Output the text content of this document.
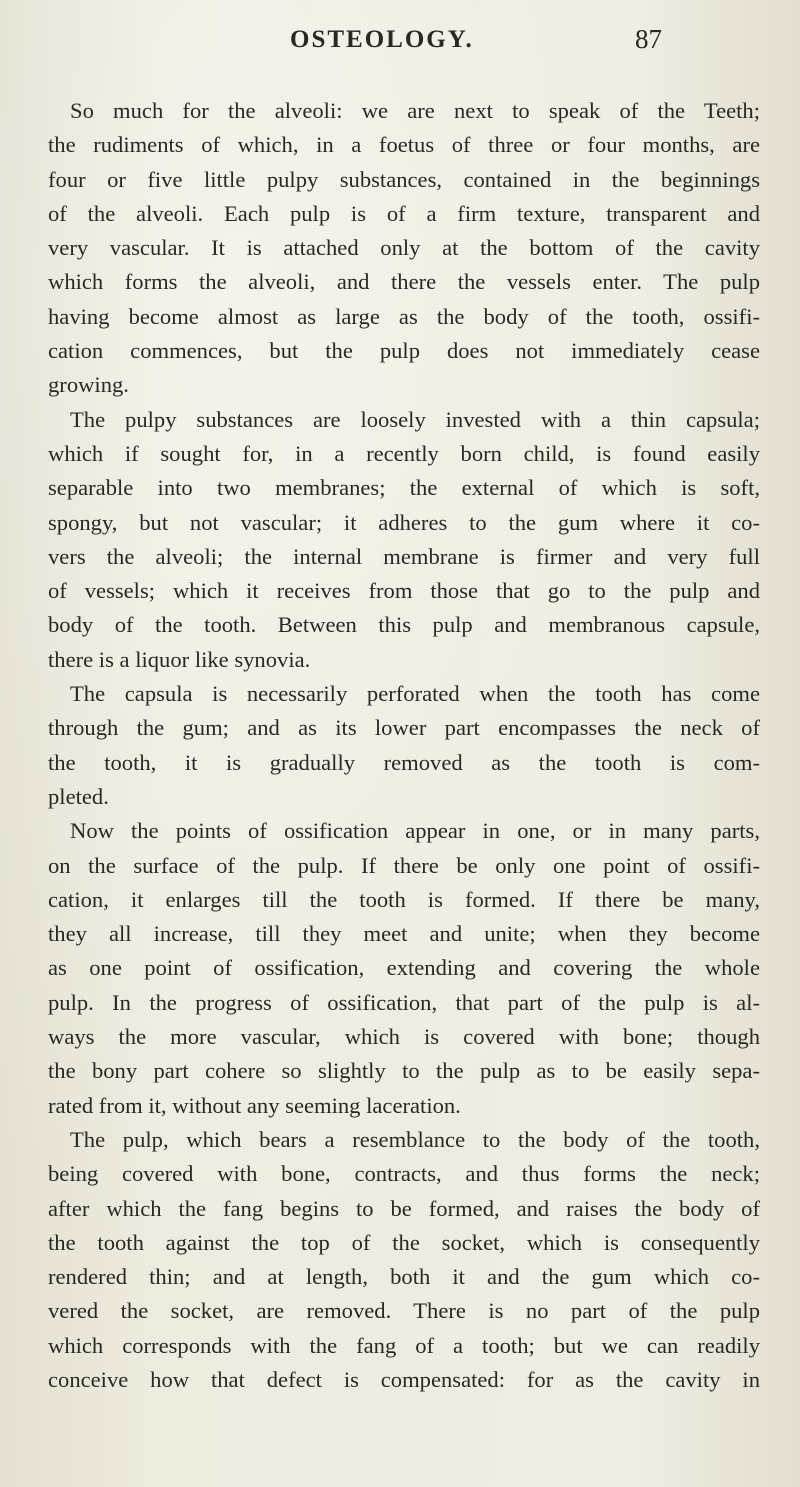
OSTEOLOGY.	87
So much for the alveoli: we are next to speak of the Teeth;
the rudiments of which, in a foetus of three or four months, are
four or five little pulpy substances, contained in the beginnings
of the alveoli. Each pulp is of a firm texture, transparent and
very vascular. It is attached only at the bottom of the cavity
which forms the alveoli, and there the vessels enter. The pulp
having become almost as large as the body of the tooth, ossifi-
cation commences, but the pulp does not immediately cease
growing.
The pulpy substances are loosely invested with a thin capsula;
which if sought for, in a recently born child, is found easily
separable into two membranes; the external of which is soft,
spongy, but not vascular; it adheres to the gum where it co-
vers the alveoli; the internal membrane is firmer and very full
of vessels; which it receives from those that go to the pulp and
body of the tooth. Between this pulp and membranous capsule,
there is a liquor like synovia.
The capsula is necessarily perforated when the tooth has come
through the gum; and as its lower part encompasses the neck of
the tooth, it is gradually removed as the tooth is com-
pleted.
Now the points of ossification appear in one, or in many parts,
on the surface of the pulp. If there be only one point of ossifi-
cation, it enlarges till the tooth is formed. If there be many,
they all increase, till they meet and unite; when they become
as one point of ossification, extending and covering the whole
pulp. In the progress of ossification, that part of the pulp is al-
ways the more vascular, which is covered with bone; though
the bony part cohere so slightly to the pulp as to be easily sepa-
rated from it, without any seeming laceration.
The pulp, which bears a resemblance to the body of the tooth,
being covered with bone, contracts, and thus forms the neck;
after which the fang begins to be formed, and raises the body of
the tooth against the top of the socket, which is consequently
rendered thin; and at length, both it and the gum which co-
vered the socket, are removed. There is no part of the pulp
which corresponds with the fang of a tooth; but we can readily
conceive how that defect is compensated: for as the cavity in
